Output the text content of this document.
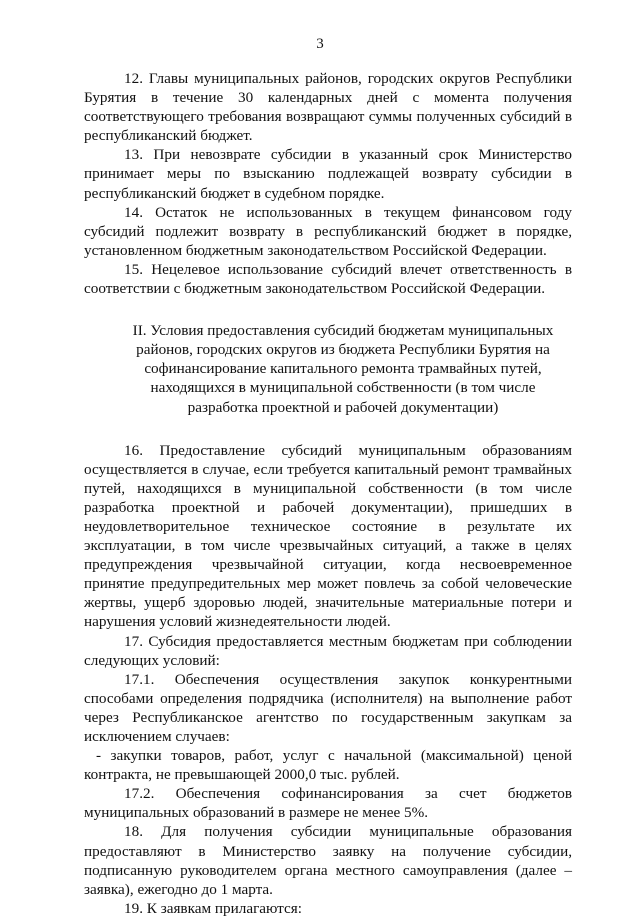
3

12. Главы муниципальных районов, городских округов Республики Бурятия в течение 30 календарных дней с момента получения соответствующего требования возвращают суммы полученных субсидий в республиканский бюджет.

13. При невозврате субсидии в указанный срок Министерство принимает меры по взысканию подлежащей возврату субсидии в республиканский бюджет в судебном порядке.

14. Остаток не использованных в текущем финансовом году субсидий подлежит возврату в республиканский бюджет в порядке, установленном бюджетным законодательством Российской Федерации.

15. Нецелевое использование субсидий влечет ответственность в соответствии с бюджетным законодательством Российской Федерации.

II. Условия предоставления субсидий бюджетам муниципальных
районов, городских округов из бюджета Республики Бурятия на
софинансирование капитального ремонта трамвайных путей,
находящихся в муниципальной собственности (в том числе
разработка проектной и рабочей документации)

16. Предоставление субсидий муниципальным образованиям осуществляется в случае, если требуется капитальный ремонт трамвайных путей, находящихся в муниципальной собственности (в том числе разработка проектной и рабочей документации), пришедших в неудовлетворительное техническое состояние в результате их эксплуатации, в том числе чрезвычайных ситуаций, а также в целях предупреждения чрезвычайной ситуации, когда несвоевременное принятие предупредительных мер может повлечь за собой человеческие жертвы, ущерб здоровью людей, значительные материальные потери и нарушения условий жизнедеятельности людей.

17. Субсидия предоставляется местным бюджетам при соблюдении следующих условий:

17.1. Обеспечения осуществления закупок конкурентными способами определения подрядчика (исполнителя) на выполнение работ через Республиканское агентство по государственным закупкам за исключением случаев:

- закупки товаров, работ, услуг с начальной (максимальной) ценой контракта, не превышающей 2000,0 тыс. рублей.

17.2. Обеспечения софинансирования за счет бюджетов муниципальных образований в размере не менее 5%.

18. Для получения субсидии муниципальные образования предоставляют в Министерство заявку на получение субсидии, подписанную руководителем органа местного самоуправления (далее – заявка), ежегодно до 1 марта.

19. К заявкам прилагаются:
